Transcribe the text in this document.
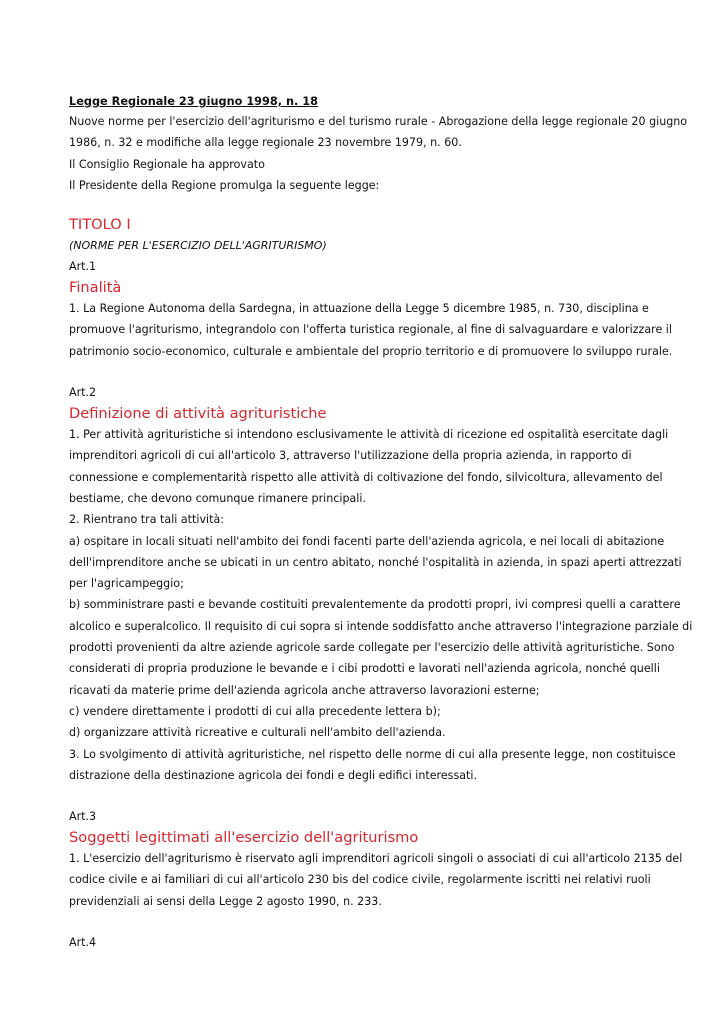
Legge Regionale 23 giugno 1998, n. 18
Nuove norme per l'esercizio dell'agriturismo e del turismo rurale - Abrogazione della legge regionale 20 giugno
1986, n. 32 e modifiche alla legge regionale 23 novembre 1979, n. 60.
Il Consiglio Regionale ha approvato
Il Presidente della Regione promulga la seguente legge:
TITOLO I
(NORME PER L'ESERCIZIO DELL'AGRITURISMO)
Art.1
Finalità
1. La Regione Autonoma della Sardegna, in attuazione della Legge 5 dicembre 1985, n. 730, disciplina e
promuove l'agriturismo, integrandolo con l'offerta turistica regionale, al fine di salvaguardare e valorizzare il
patrimonio socio-economico, culturale e ambientale del proprio territorio e di promuovere lo sviluppo rurale.
Art.2
Definizione di attività agrituristiche
1. Per attività agrituristiche si intendono esclusivamente le attività di ricezione ed ospitalità esercitate dagli
imprenditori agricoli di cui all'articolo 3, attraverso l'utilizzazione della propria azienda, in rapporto di
connessione e complementarità rispetto alle attività di coltivazione del fondo, silvicoltura, allevamento del
bestiame, che devono comunque rimanere principali.
2. Rientrano tra tali attività:
a) ospitare in locali situati nell'ambito dei fondi facenti parte dell'azienda agricola, e nei locali di abitazione
dell'imprenditore anche se ubicati in un centro abitato, nonché l'ospitalità in azienda, in spazi aperti attrezzati
per l'agricampeggio;
b) somministrare pasti e bevande costituiti prevalentemente da prodotti propri, ivi compresi quelli a carattere
alcolico e superalcolico. Il requisito di cui sopra si intende soddisfatto anche attraverso l'integrazione parziale di
prodotti provenienti da altre aziende agricole sarde collegate per l'esercizio delle attività agrituristiche. Sono
considerati di propria produzione le bevande e i cibi prodotti e lavorati nell'azienda agricola, nonché quelli
ricavati da materie prime dell'azienda agricola anche attraverso lavorazioni esterne;
c) vendere direttamente i prodotti di cui alla precedente lettera b);
d) organizzare attività ricreative e culturali nell'ambito dell'azienda.
3. Lo svolgimento di attività agrituristiche, nel rispetto delle norme di cui alla presente legge, non costituisce
distrazione della destinazione agricola dei fondi e degli edifici interessati.
Art.3
Soggetti legittimati all'esercizio dell'agriturismo
1. L'esercizio dell'agriturismo è riservato agli imprenditori agricoli singoli o associati di cui all'articolo 2135 del
codice civile e ai familiari di cui all'articolo 230 bis del codice civile, regolarmente iscritti nei relativi ruoli
previdenziali ai sensi della Legge 2 agosto 1990, n. 233.
Art.4
